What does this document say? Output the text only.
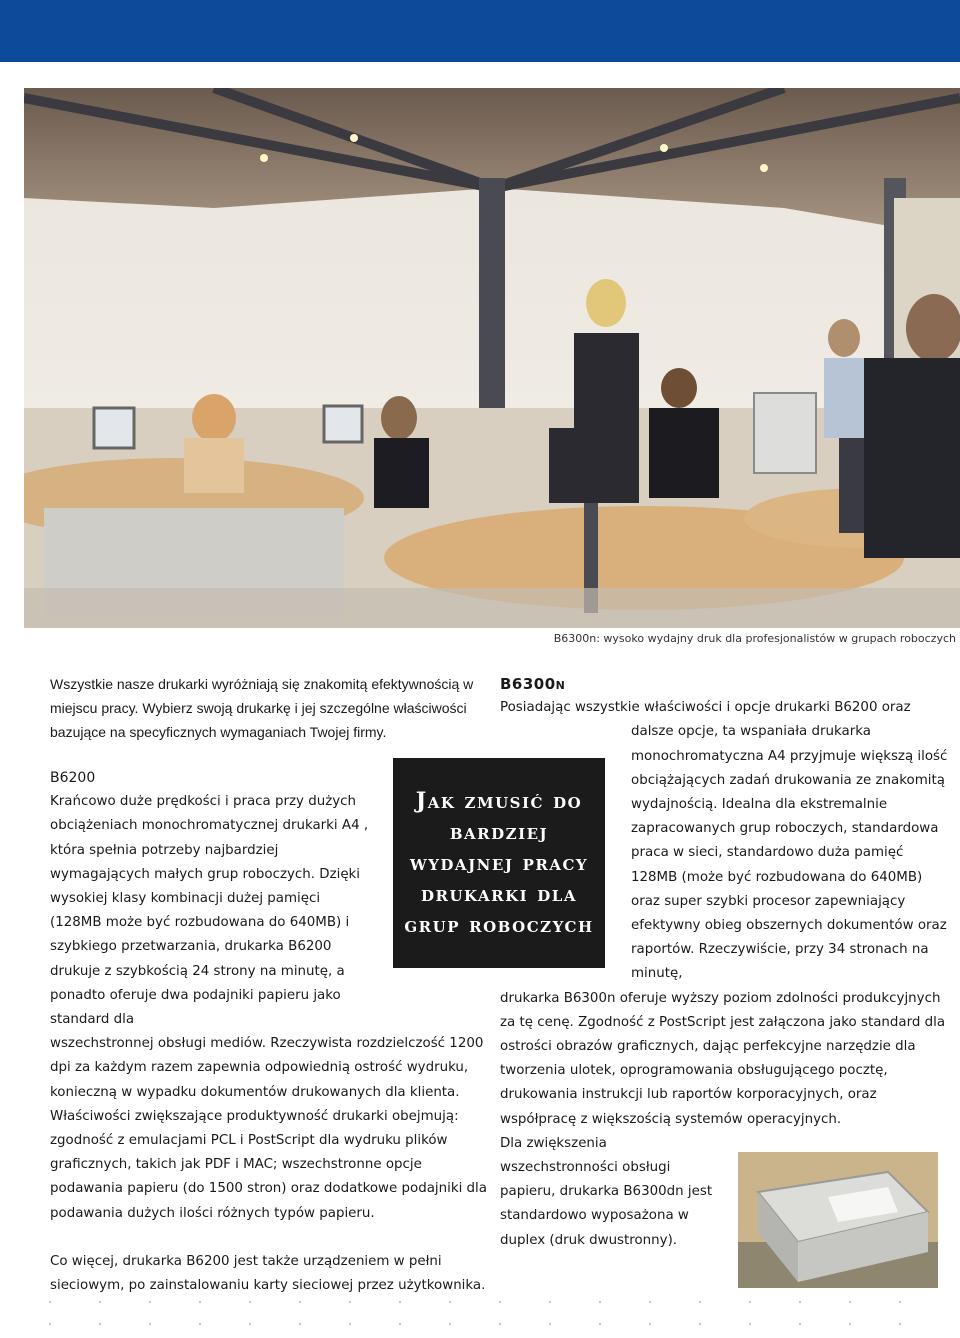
B6300n: wysoko wydajny druk dla profesjonalistów w grupach roboczych

Wszystkie nasze drukarki wyróżniają się znakomitą efektywnością w miejscu pracy. Wybierz swoją drukarkę i jej szczególne właściwości bazujące na specyficznych wymaganiach Twojej firmy.

B6200

Krańcowo duże prędkości i praca przy dużych obciążeniach monochromatycznej drukarki A4 , która spełnia potrzeby najbardziej wymagających małych grup roboczych. Dzięki wysokiej klasy kombinacji dużej pamięci (128MB może być rozbudowana do 640MB) i szybkiego przetwarzania, drukarka B6200 drukuje z szybkością 24 strony na minutę, a ponadto oferuje dwa podajniki papieru jako standard dla

wszechstronnej obsługi mediów. Rzeczywista rozdzielczość 1200 dpi za każdym razem zapewnia odpowiednią ostrość wydruku, konieczną w wypadku dokumentów drukowanych dla klienta. Właściwości zwiększające produktywność drukarki obejmują: zgodność z emulacjami PCL i PostScript dla wydruku plików graficznych, takich jak PDF i MAC; wszechstronne opcje podawania papieru (do 1500 stron) oraz dodatkowe podajniki dla podawania dużych ilości różnych typów papieru.

Co więcej, drukarka B6200 jest także urządzeniem w pełni sieciowym, po zainstalowaniu karty sieciowej przez użytkownika.

Jak zmusić do bardziej wydajnej pracy drukarki dla grup roboczych

B6300n

Posiadając wszystkie właściwości i opcje drukarki B6200 oraz

dalsze opcje, ta wspaniała drukarka monochromatyczna A4 przyjmuje większą ilość obciążających zadań drukowania ze znakomitą wydajnością. Idealna dla ekstremalnie zapracowanych grup roboczych, standardowa praca w sieci, standardowo duża pamięć 128MB (może być rozbudowana do 640MB) oraz super szybki procesor zapewniający efektywny obieg obszernych dokumentów oraz raportów. Rzeczywiście, przy 34 stronach na minutę,

drukarka B6300n oferuje wyższy poziom zdolności produkcyjnych za tę cenę. Zgodność z PostScript jest załączona jako standard dla ostrości obrazów graficznych, dając perfekcyjne narzędzie dla tworzenia ulotek, oprogramowania obsługującego pocztę, drukowania instrukcji lub raportów korporacyjnych, oraz współpracę z większością systemów operacyjnych.

Dla zwiększenia wszechstronności obsługi papieru, drukarka B6300dn jest standardowo wyposażona w duplex (druk dwustronny).
